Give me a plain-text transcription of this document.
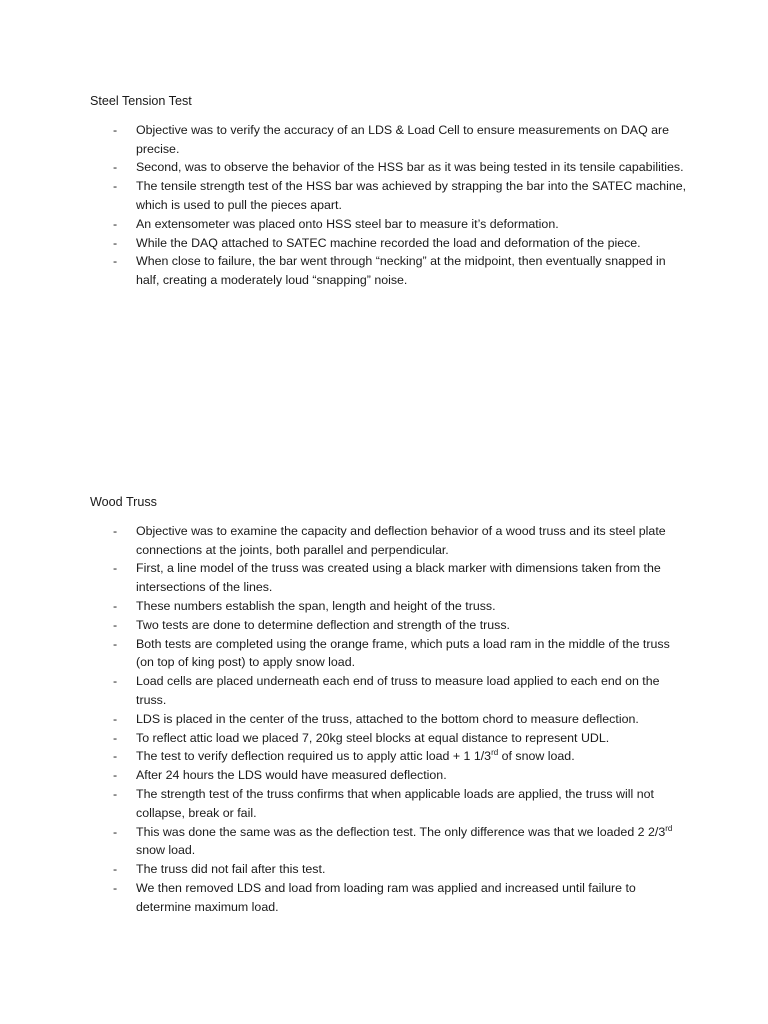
Steel Tension Test
- Objective was to verify the accuracy of an LDS & Load Cell to ensure measurements on DAQ are precise.
- Second, was to observe the behavior of the HSS bar as it was being tested in its tensile capabilities.
- The tensile strength test of the HSS bar was achieved by strapping the bar into the SATEC machine, which is used to pull the pieces apart.
- An extensometer was placed onto HSS steel bar to measure it’s deformation.
- While the DAQ attached to SATEC machine recorded the load and deformation of the piece.
- When close to failure, the bar went through “necking” at the midpoint, then eventually snapped in half, creating a moderately loud “snapping” noise.
Wood Truss
- Objective was to examine the capacity and deflection behavior of a wood truss and its steel plate connections at the joints, both parallel and perpendicular.
- First, a line model of the truss was created using a black marker with dimensions taken from the intersections of the lines.
- These numbers establish the span, length and height of the truss.
- Two tests are done to determine deflection and strength of the truss.
- Both tests are completed using the orange frame, which puts a load ram in the middle of the truss (on top of king post) to apply snow load.
- Load cells are placed underneath each end of truss to measure load applied to each end on the truss.
- LDS is placed in the center of the truss, attached to the bottom chord to measure deflection.
- To reflect attic load we placed 7, 20kg steel blocks at equal distance to represent UDL.
- The test to verify deflection required us to apply attic load + 1 1/3rd of snow load.
- After 24 hours the LDS would have measured deflection.
- The strength test of the truss confirms that when applicable loads are applied, the truss will not collapse, break or fail.
- This was done the same was as the deflection test. The only difference was that we loaded 2 2/3rd snow load.
- The truss did not fail after this test.
- We then removed LDS and load from loading ram was applied and increased until failure to determine maximum load.
